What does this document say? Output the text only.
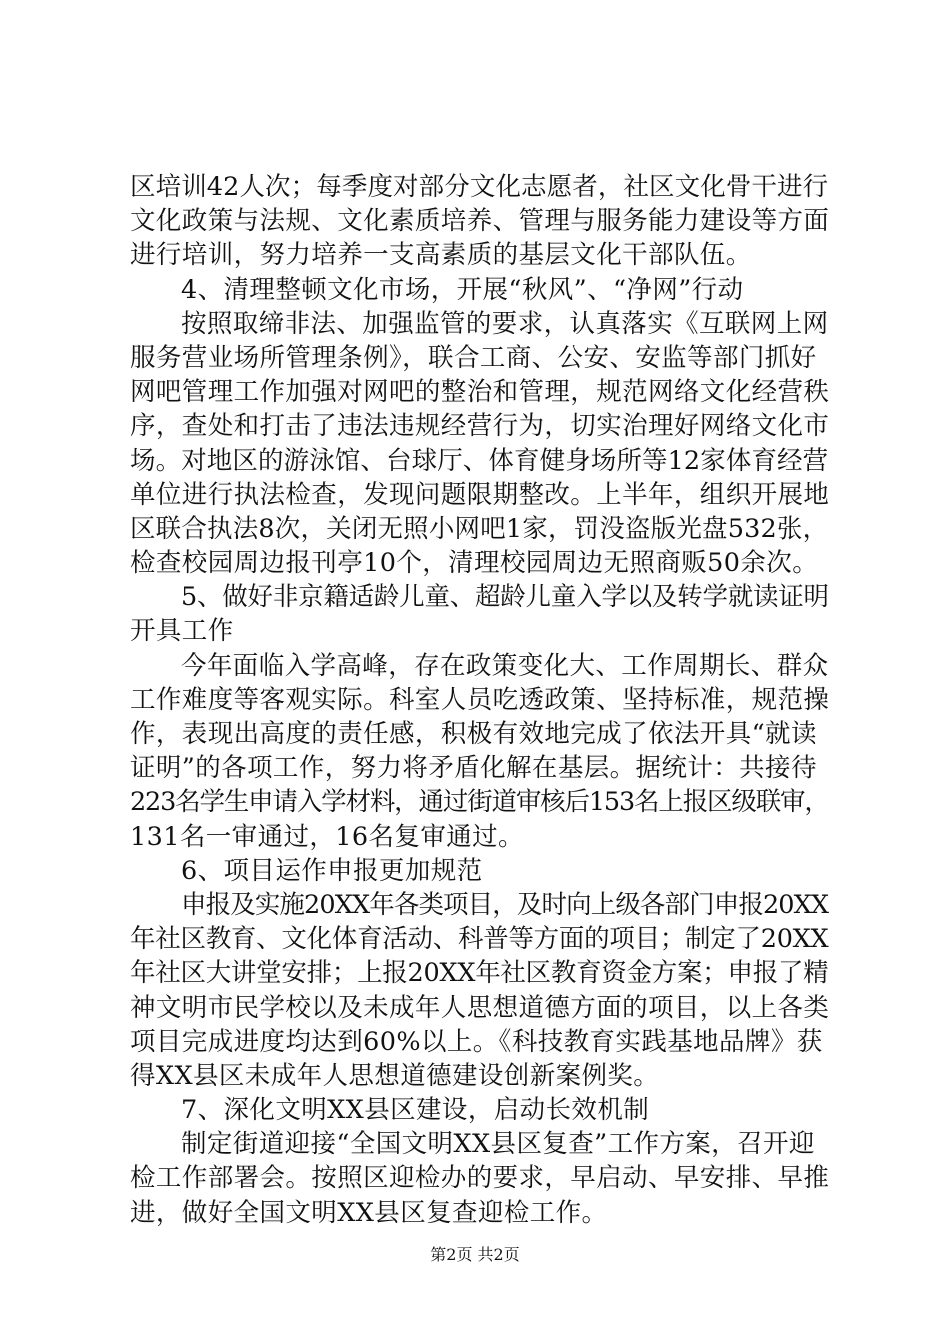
区培训42人次；每季度对部分文化志愿者，社区文化骨干进行
文化政策与法规、文化素质培养、管理与服务能力建设等方面
进行培训，努力培养一支高素质的基层文化干部队伍。
4、清理整顿文化市场，开展“秋风”、“净网”行动
按照取缔非法、加强监管的要求，认真落实《互联网上网
服务营业场所管理条例》，联合工商、公安、安监等部门抓好
网吧管理工作加强对网吧的整治和管理，规范网络文化经营秩
序，查处和打击了违法违规经营行为，切实治理好网络文化市
场。对地区的游泳馆、台球厅、体育健身场所等12家体育经营
单位进行执法检查，发现问题限期整改。上半年，组织开展地
区联合执法8次，关闭无照小网吧1家，罚没盗版光盘532张，
检查校园周边报刊亭10个，清理校园周边无照商贩50余次。
5、做好非京籍适龄儿童、超龄儿童入学以及转学就读证明
开具工作
今年面临入学高峰，存在政策变化大、工作周期长、群众
工作难度等客观实际。科室人员吃透政策、坚持标准，规范操
作，表现出高度的责任感，积极有效地完成了依法开具“就读
证明”的各项工作，努力将矛盾化解在基层。据统计：共接待
223名学生申请入学材料，通过街道审核后153名上报区级联审，
131名一审通过，16名复审通过。
6、项目运作申报更加规范
申报及实施20XX年各类项目，及时向上级各部门申报20XX
年社区教育、文化体育活动、科普等方面的项目；制定了20XX
年社区大讲堂安排；上报20XX年社区教育资金方案；申报了精
神文明市民学校以及未成年人思想道德方面的项目，以上各类
项目完成进度均达到60%以上。《科技教育实践基地品牌》获
得XX县区未成年人思想道德建设创新案例奖。
7、深化文明XX县区建设，启动长效机制
制定街道迎接“全国文明XX县区复查”工作方案，召开迎
检工作部署会。按照区迎检办的要求，早启动、早安排、早推
进，做好全国文明XX县区复查迎检工作。
第2页 共2页
